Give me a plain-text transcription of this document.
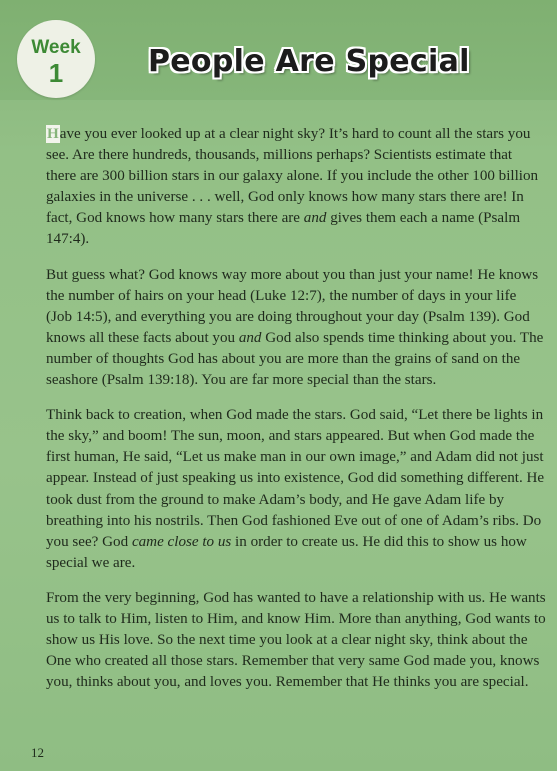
Week
1	People Are Special

Have you ever looked up at a clear night sky? It’s hard to count all the stars you see. Are there hundreds, thousands, millions perhaps? Scientists estimate that there are 300 billion stars in our galaxy alone. If you include the other 100 billion galaxies in the universe . . . well, God only knows how many stars there are! In fact, God knows how many stars there are and gives them each a name (Psalm 147:4).

But guess what? God knows way more about you than just your name! He knows the number of hairs on your head (Luke 12:7), the number of days in your life (Job 14:5), and everything you are doing throughout your day (Psalm 139). God knows all these facts about you and God also spends time thinking about you. The number of thoughts God has about you are more than the grains of sand on the seashore (Psalm 139:18). You are far more special than the stars.

Think back to creation, when God made the stars. God said, “Let there be lights in the sky,” and boom! The sun, moon, and stars appeared. But when God made the first human, He said, “Let us make man in our own image,” and Adam did not just appear. Instead of just speaking us into existence, God did something different. He took dust from the ground to make Adam’s body, and He gave Adam life by breathing into his nostrils. Then God fashioned Eve out of one of Adam’s ribs. Do you see? God came close to us in order to create us. He did this to show us how special we are.

From the very beginning, God has wanted to have a relationship with us. He wants us to talk to Him, listen to Him, and know Him. More than anything, God wants to show us His love. So the next time you look at a clear night sky, think about the One who created all those stars. Remember that very same God made you, knows you, thinks about you, and loves you. Remember that He thinks you are special.

12
